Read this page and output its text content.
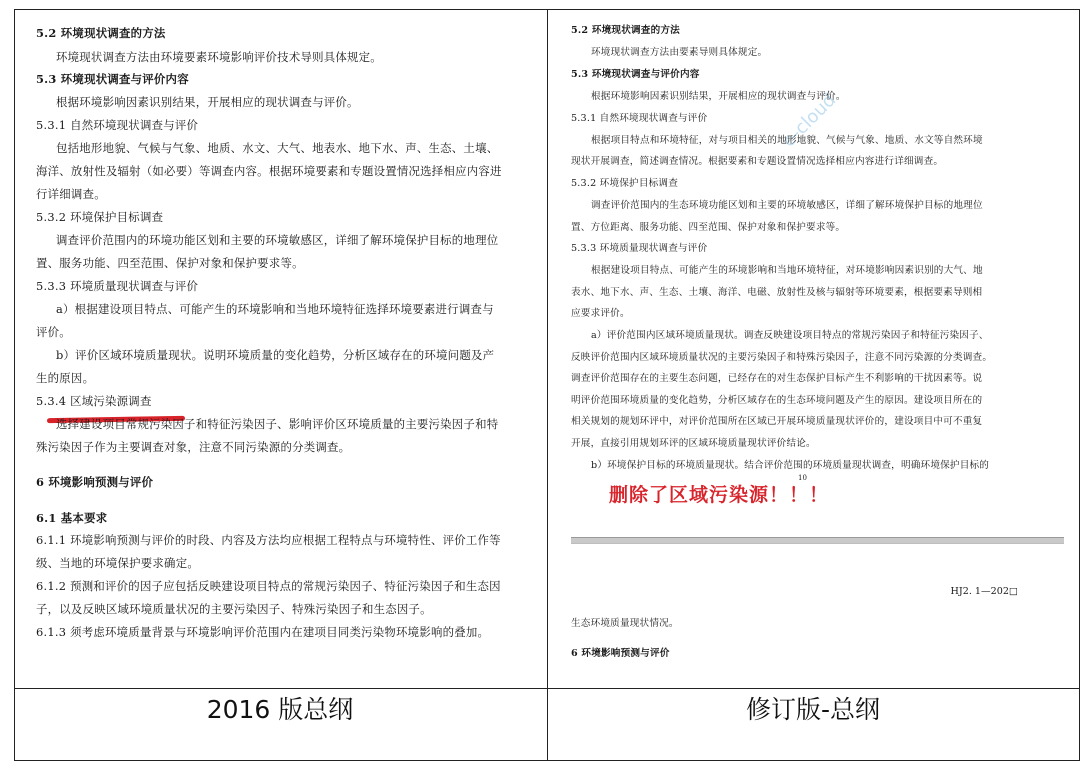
5.2 环境现状调查的方法
环境现状调查方法由环境要素环境影响评价技术导则具体规定。
5.3 环境现状调查与评价内容
根据环境影响因素识别结果，开展相应的现状调查与评价。
5.3.1 自然环境现状调查与评价
包括地形地貌、气候与气象、地质、水文、大气、地表水、地下水、声、生态、土壤、
海洋、放射性及辐射（如必要）等调查内容。根据环境要素和专题设置情况选择相应内容进
行详细调查。
5.3.2 环境保护目标调查
调查评价范围内的环境功能区划和主要的环境敏感区，详细了解环境保护目标的地理位
置、服务功能、四至范围、保护对象和保护要求等。
5.3.3 环境质量现状调查与评价
a）根据建设项目特点、可能产生的环境影响和当地环境特征选择环境要素进行调查与
评价。
b）评价区域环境质量现状。说明环境质量的变化趋势，分析区域存在的环境问题及产
生的原因。
5.3.4 区域污染源调查
选择建设项目常规污染因子和特征污染因子、影响评价区环境质量的主要污染因子和特
殊污染因子作为主要调查对象，注意不同污染源的分类调查。
6 环境影响预测与评价
6.1 基本要求
6.1.1 环境影响预测与评价的时段、内容及方法均应根据工程特点与环境特性、评价工作等
级、当地的环境保护要求确定。
6.1.2 预测和评价的因子应包括反映建设项目特点的常规污染因子、特征污染因子和生态因
子，以及反映区域环境质量状况的主要污染因子、特殊污染因子和生态因子。
6.1.3 须考虑环境质量背景与环境影响评价范围内在建项目同类污染物环境影响的叠加。
e-cloud
10
删除了区域污染源！！！
HJ2. 1—202□
5.2 环境现状调查的方法
环境现状调查方法由要素导则具体规定。
5.3 环境现状调查与评价内容
根据环境影响因素识别结果，开展相应的现状调查与评价。
5.3.1 自然环境现状调查与评价
根据项目特点和环境特征，对与项目相关的地形地貌、气候与气象、地质、水文等自然环境
现状开展调查，简述调查情况。根据要素和专题设置情况选择相应内容进行详细调查。
5.3.2 环境保护目标调查
调查评价范围内的生态环境功能区划和主要的环境敏感区，详细了解环境保护目标的地理位
置、方位距离、服务功能、四至范围、保护对象和保护要求等。
5.3.3 环境质量现状调查与评价
根据建设项目特点、可能产生的环境影响和当地环境特征，对环境影响因素识别的大气、地
表水、地下水、声、生态、土壤、海洋、电磁、放射性及核与辐射等环境要素，根据要素导则相
应要求评价。
a）评价范围内区域环境质量现状。调查反映建设项目特点的常规污染因子和特征污染因子、
反映评价范围内区域环境质量状况的主要污染因子和特殊污染因子，注意不同污染源的分类调查。
调查评价范围存在的主要生态问题，已经存在的对生态保护目标产生不利影响的干扰因素等。说
明评价范围环境质量的变化趋势，分析区域存在的生态环境问题及产生的原因。建设项目所在的
相关规划的规划环评中，对评价范围所在区域已开展环境质量现状评价的，建设项目中可不重复
开展，直接引用规划环评的区域环境质量现状评价结论。
b）环境保护目标的环境质量现状。结合评价范围的环境质量现状调查，明确环境保护目标的
生态环境质量现状情况。
6 环境影响预测与评价
2016 版总纲	修订版-总纲
